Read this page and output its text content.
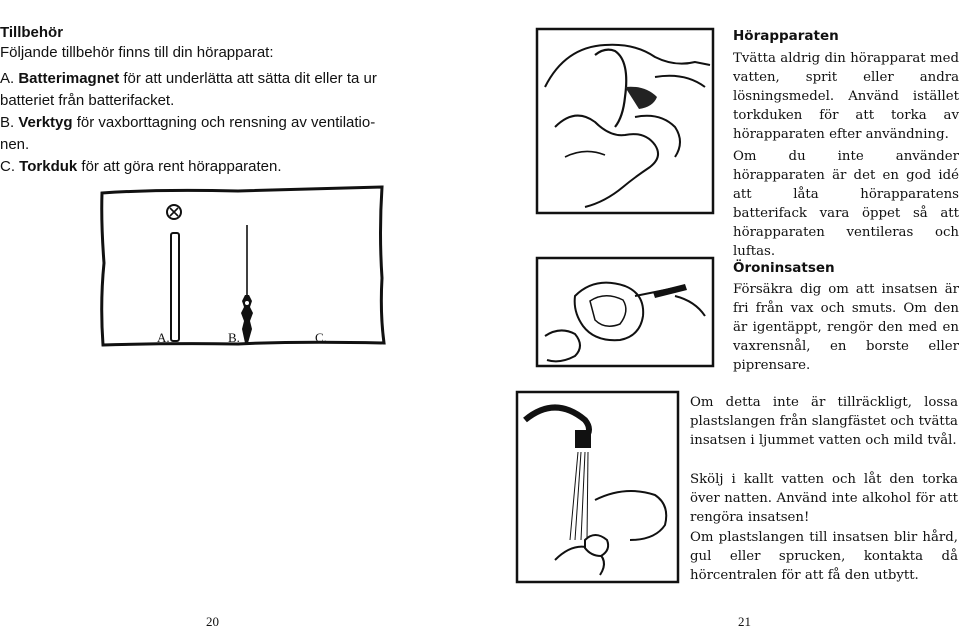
Tillbehör
Följande tillbehör finns till din hörapparat:

A. Batterimagnet för att underlätta att sätta dit eller ta ur batteriet från batterifacket.

B. Verktyg för vaxborttagning och rensning av ventilatio-nen.

C. Torkduk för att göra rent hörapparaten.

A.	B.	C.
20
Hörapparaten
Tvätta aldrig din hörapparat med vatten, sprit eller andra lösningsmedel. Använd istället torkduken för att torka av hörapparaten efter användning.
Om du inte använder hörapparaten är det en god idé att låta hörapparatens batterifack vara öppet så att hörapparaten ventileras och luftas.
Öroninsatsen
Försäkra dig om att insatsen är fri från vax och smuts. Om den är igentäppt, rengör den med en vaxrensnål, en borste eller piprensare.
Om detta inte är tillräckligt, lossa plastslangen från slangfästet och tvätta insatsen i ljummet vatten och mild tvål.
Skölj i kallt vatten och låt den torka över natten. Använd inte alkohol för att rengöra insatsen!
Om plastslangen till insatsen blir hård, gul eller sprucken, kontakta då hörcentralen för att få den utbytt.
21
